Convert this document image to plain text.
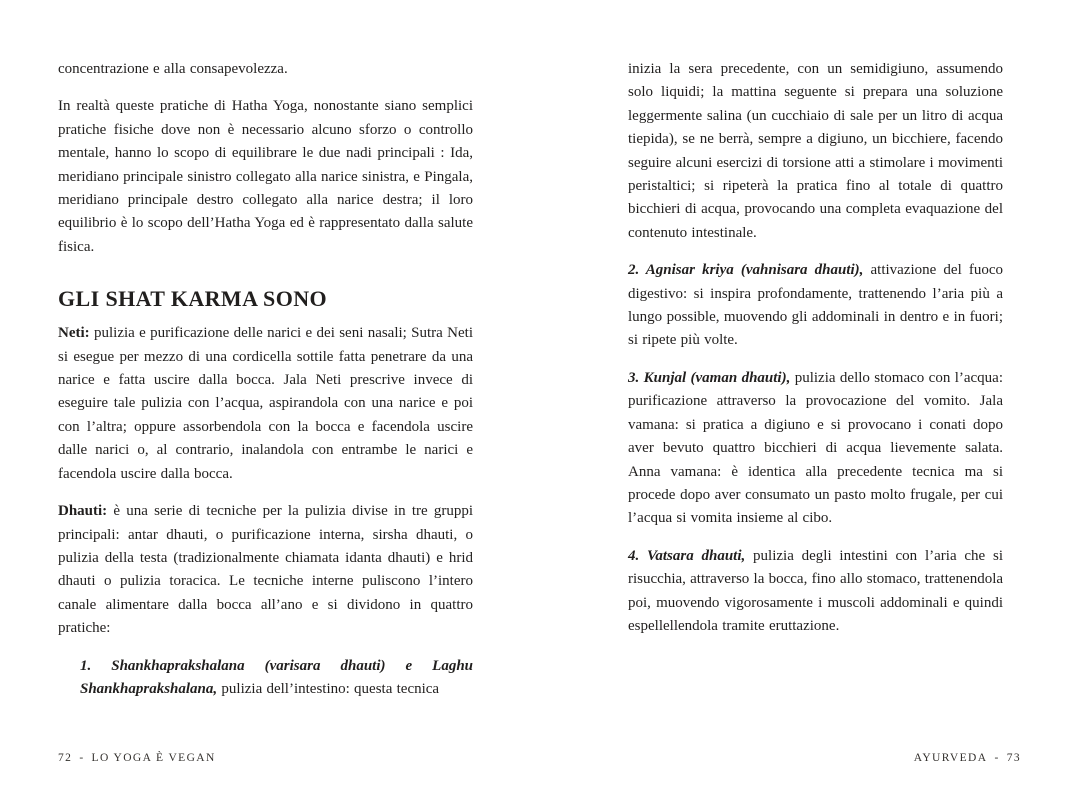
concentrazione e alla consapevolezza.
In realtà queste pratiche di Hatha Yoga, nonostante siano semplici pratiche fisiche dove non è necessario alcuno sforzo o controllo mentale, hanno lo scopo di equilibrare le due nadi principali : Ida, meridiano principale sinistro collegato alla narice sinistra, e Pingala, meridiano principale destro collegato alla narice destra; il loro equilibrio è lo scopo dell’Hatha Yoga ed è rappresentato dalla salute fisica.
GLI SHAT KARMA SONO
Neti: pulizia e purificazione delle narici e dei seni nasali; Sutra Neti si esegue per mezzo di una cordicella sottile fatta penetrare da una narice e fatta uscire dalla bocca. Jala Neti prescrive invece di eseguire tale pulizia con l’acqua, aspirandola con una narice e poi con l’altra; oppure assorbendola con la bocca e facendola uscire dalle narici o, al contrario, inalandola con entrambe le narici e facendola uscire dalla bocca.
Dhauti: è una serie di tecniche per la pulizia divise in tre gruppi principali: antar dhauti, o purificazione interna, sirsha dhauti, o pulizia della testa (tradizionalmente chiamata idanta dhauti) e hrid dhauti o pulizia toracica. Le tecniche interne puliscono l’intero canale alimentare dalla bocca all’ano e si dividono in quattro pratiche:
1. Shankhaprakshalana (varisara dhauti) e Laghu Shankhaprakshalana, pulizia dell’intestino: questa tecnica
inizia la sera precedente, con un semidigiuno, assumendo solo liquidi; la mattina seguente si prepara una soluzione leggermente salina (un cucchiaio di sale per un litro di acqua tiepida), se ne berrà, sempre a digiuno, un bicchiere, facendo seguire alcuni esercizi di torsione atti a stimolare i movimenti peristaltici; si ripeterà la pratica fino al totale di quattro bicchieri di acqua, provocando una completa evaquazione del contenuto intestinale.
2. Agnisar kriya (vahnisara dhauti), attivazione del fuoco digestivo: si inspira profondamente, trattenendo l’aria più a lungo possible, muovendo gli addominali in dentro e in fuori; si ripete più volte.
3. Kunjal (vaman dhauti), pulizia dello stomaco con l’acqua: purificazione attraverso la provocazione del vomito. Jala vamana: si pratica a digiuno e si provocano i conati dopo aver bevuto quattro bicchieri di acqua lievemente salata. Anna vamana: è identica alla precedente tecnica ma si procede dopo aver consumato un pasto molto frugale, per cui l’acqua si vomita insieme al cibo.
4. Vatsara dhauti, pulizia degli intestini con l’aria che si risucchia, attraverso la bocca, fino allo stomaco, trattenendola poi, muovendo vigorosamente i muscoli addominali e quindi espellellendola tramite eruttazione.
72 - LO YOGA È VEGAN	AYURVEDA - 73
